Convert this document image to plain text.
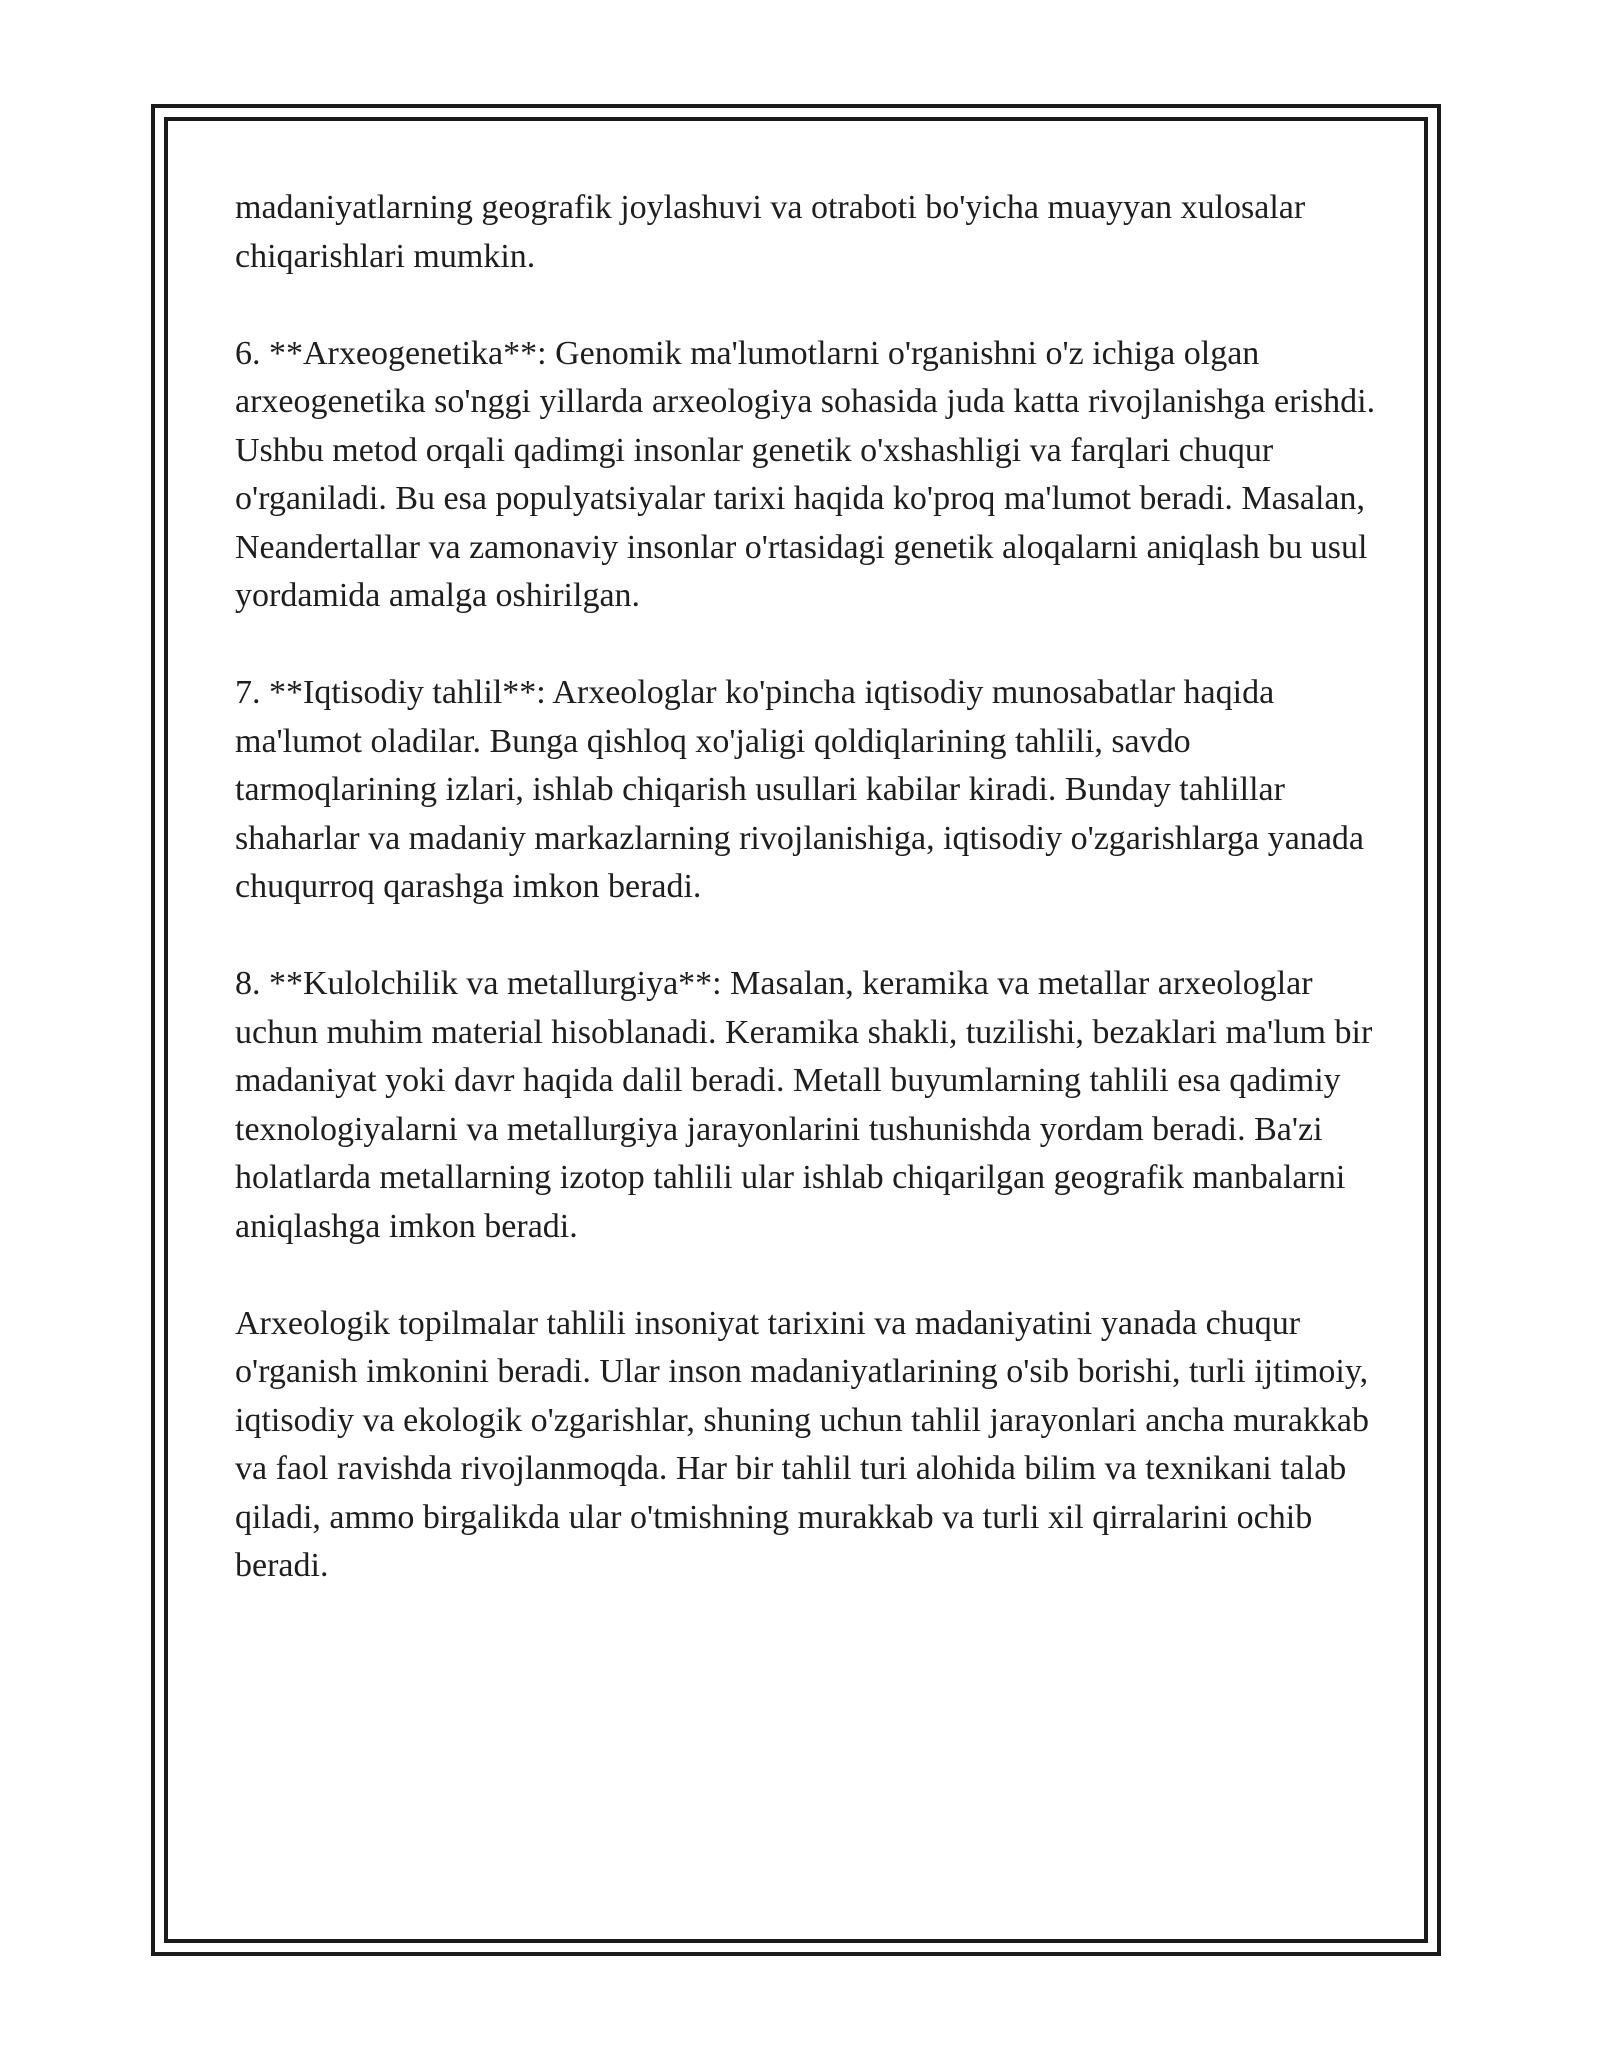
madaniyatlarning geografik joylashuvi va otraboti bo'yicha muayyan xulosalar chiqarishlari mumkin.

6. **Arxeogenetika**: Genomik ma'lumotlarni o'rganishni o'z ichiga olgan arxeogenetika so'nggi yillarda arxeologiya sohasida juda katta rivojlanishga erishdi. Ushbu metod orqali qadimgi insonlar genetik o'xshashligi va farqlari chuqur o'rganiladi. Bu esa populyatsiyalar tarixi haqida ko'proq ma'lumot beradi. Masalan, Neandertallar va zamonaviy insonlar o'rtasidagi genetik aloqalarni aniqlash bu usul yordamida amalga oshirilgan.

7. **Iqtisodiy tahlil**: Arxeologlar ko'pincha iqtisodiy munosabatlar haqida ma'lumot oladilar. Bunga qishloq xo'jaligi qoldiqlarining tahlili, savdo tarmoqlarining izlari, ishlab chiqarish usullari kabilar kiradi. Bunday tahlillar shaharlar va madaniy markazlarning rivojlanishiga, iqtisodiy o'zgarishlarga yanada chuqurroq qarashga imkon beradi.

8. **Kulolchilik va metallurgiya**: Masalan, keramika va metallar arxeologlar uchun muhim material hisoblanadi. Keramika shakli, tuzilishi, bezaklari ma'lum bir madaniyat yoki davr haqida dalil beradi. Metall buyumlarning tahlili esa qadimiy texnologiyalarni va metallurgiya jarayonlarini tushunishda yordam beradi. Ba'zi holatlarda metallarning izotop tahlili ular ishlab chiqarilgan geografik manbalarni aniqlashga imkon beradi.

Arxeologik topilmalar tahlili insoniyat tarixini va madaniyatini yanada chuqur o'rganish imkonini beradi. Ular inson madaniyatlarining o'sib borishi, turli ijtimoiy, iqtisodiy va ekologik o'zgarishlar, shuning uchun tahlil jarayonlari ancha murakkab va faol ravishda rivojlanmoqda. Har bir tahlil turi alohida bilim va texnikani talab qiladi, ammo birgalikda ular o'tmishning murakkab va turli xil qirralarini ochib beradi.
